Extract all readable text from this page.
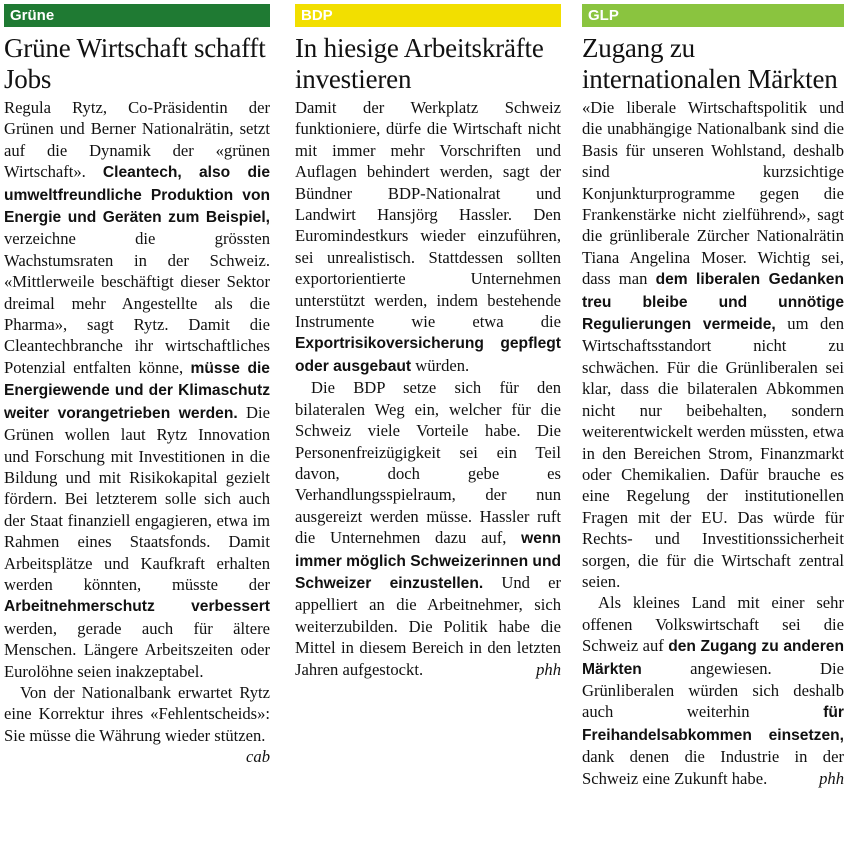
Grüne
Grüne Wirtschaft schafft Jobs

Regula Rytz, Co-Präsidentin der Grünen und Berner Nationalrätin, setzt auf die Dynamik der «grünen Wirtschaft». Cleantech, also die umweltfreundliche Produktion von Energie und Geräten zum Beispiel, verzeichne die grössten Wachstumsraten in der Schweiz. «Mittlerweile beschäftigt dieser Sektor dreimal mehr Angestellte als die Pharma», sagt Rytz. Damit die Cleantechbranche ihr wirtschaftliches Potenzial entfalten könne, müsse die Energiewende und der Klimaschutz weiter vorangetrieben werden. Die Grünen wollen laut Rytz Innovation und Forschung mit Investitionen in die Bildung und mit Risikokapital gezielt fördern. Bei letzterem solle sich auch der Staat finanziell engagieren, etwa im Rahmen eines Staatsfonds. Damit Arbeitsplätze und Kaufkraft erhalten werden könnten, müsste der Arbeitnehmerschutz verbessert werden, gerade auch für ältere Menschen. Längere Arbeitszeiten oder Eurolöhne seien inakzeptabel.

Von der Nationalbank erwartet Rytz eine Korrektur ihres «Fehlentscheids»: Sie müsse die Währung wieder stützen.
cab

BDP
In hiesige Arbeitskräfte investieren

Damit der Werkplatz Schweiz funktioniere, dürfe die Wirtschaft nicht mit immer mehr Vorschriften und Auflagen behindert werden, sagt der Bündner BDP-Nationalrat und Landwirt Hansjörg Hassler. Den Euromindestkurs wieder einzuführen, sei unrealistisch. Stattdessen sollten exportorientierte Unternehmen unterstützt werden, indem bestehende Instrumente wie etwa die Exportrisikoversicherung gepflegt oder ausgebaut würden.

Die BDP setze sich für den bilateralen Weg ein, welcher für die Schweiz viele Vorteile habe. Die Personenfreizügigkeit sei ein Teil davon, doch gebe es Verhandlungsspielraum, der nun ausgereizt werden müsse. Hassler ruft die Unternehmen dazu auf, wenn immer möglich Schweizerinnen und Schweizer einzustellen. Und er appelliert an die Arbeitnehmer, sich weiterzubilden. Die Politik habe die Mittel in diesem Bereich in den letzten Jahren aufgestockt.	phh

GLP
Zugang zu internationalen Märkten

«Die liberale Wirtschaftspolitik und die unabhängige Nationalbank sind die Basis für unseren Wohlstand, deshalb sind kurzsichtige Konjunkturprogramme gegen die Frankenstärke nicht zielführend», sagt die grünliberale Zürcher Nationalrätin Tiana Angelina Moser. Wichtig sei, dass man dem liberalen Gedanken treu bleibe und unnötige Regulierungen vermeide, um den Wirtschaftsstandort nicht zu schwächen. Für die Grünliberalen sei klar, dass die bilateralen Abkommen nicht nur beibehalten, sondern weiterentwickelt werden müssten, etwa in den Bereichen Strom, Finanzmarkt oder Chemikalien. Dafür brauche es eine Regelung der institutionellen Fragen mit der EU. Das würde für Rechts- und Investitionssicherheit sorgen, die für die Wirtschaft zentral seien.

Als kleines Land mit einer sehr offenen Volkswirtschaft sei die Schweiz auf den Zugang zu anderen Märkten angewiesen. Die Grünliberalen würden sich deshalb auch weiterhin für Freihandelsabkommen einsetzen, dank denen die Industrie in der Schweiz eine Zukunft habe.	phh
